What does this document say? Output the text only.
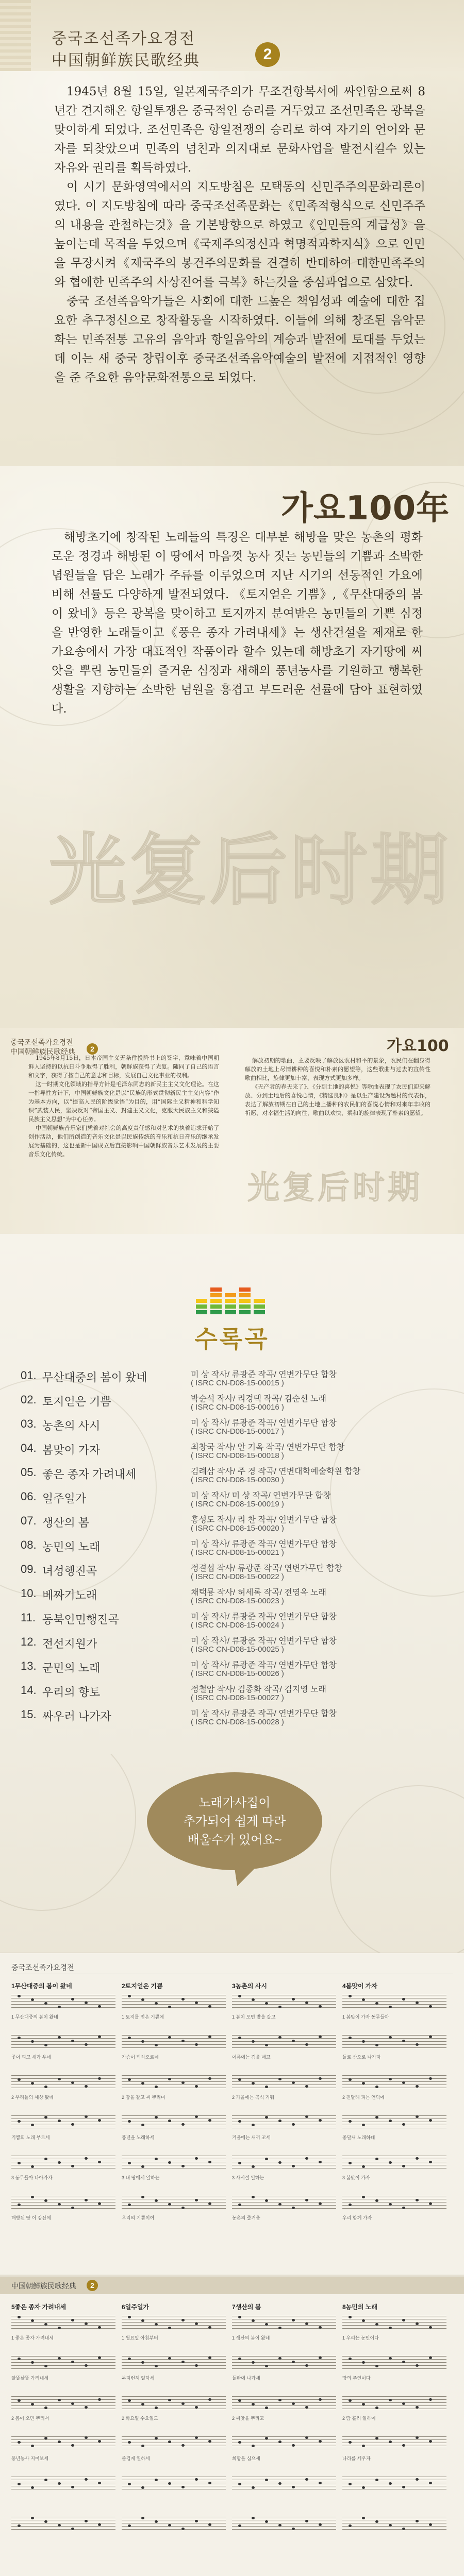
중국조선족가요경전
中国朝鲜族民歌经典	2

1945년 8월 15일, 일본제국주의가 무조건항복서에 싸인함으로써 8년간 견지해온 항일투쟁은 중국적인 승리를 거두었고 조선민족은 광복을 맞이하게 되었다. 조선민족은 항일전쟁의 승리로 하여 자기의 언어와 문자를 되찾았으며 민족의 넘친과 의지대로 문화사업을 발전시킬수 있는 자유와 권리를 획득하였다.

이 시기 문화영역에서의 지도방침은 모택동의 신민주주의문화리론이였다. 이 지도방침에 따라 중국조선족문화는《민족적형식으로 신민주주의 내용을 관철하는것》을 기본방향으로 하였고《인민들의 계급성》을 높이는데 목적을 두었으며《국제주의정신과 혁명적과학지식》으로 인민을 무장시켜《제국주의 봉건주의문화를 견결히 반대하여 대한민족주의와 협애한 민족주의 사상전어를 극복》하는것을 중심과업으로 삼았다.

중국 조선족음악가들은 사회에 대한 드높은 책임성과 예술에 대한 집요한 추구정신으로 창작활동을 시작하였다. 이들에 의해 창조된 음악문화는 민족전통 고유의 음악과 항일음악의 계승과 발전에 토대를 두었는데 이는 새 중국 창립이후 중국조선족음악예술의 발전에 지접적인 영향을 준 주요한 음악문화전통으로 되었다.

가요100年

해방초기에 창작된 노래들의 특징은 대부분 해방을 맞은 농촌의 평화로운 정경과 해방된 이 땅에서 마음껏 농사 짓는 농민들의 기쁨과 소박한 념원들을 담은 노래가 주류를 이루었으며 지난 시기의 선동적인 가요에 비해 선률도 다양하게 발전되였다. 《토지얻은 기쁨》,《무산대중의 봄이 왔네》등은 광복을 맞이하고 토지까지 분여받은 농민들의 기쁜 심정을 반영한 노래들이고《풍은 종자 가려내세》는 생산건설을 제재로 한 가요송에서 가장 대표적인 작품이라 할수 있는데 해방초기 자기땅에 씨앗을 뿌린 농민들의 즐거운 심정과 새해의 풍년농사를 기원하고 행복한 생활을 지향하는 소박한 념원을 흥겹고 부드러운 선률에 담아 표현하였다.

光复后时期
중국조선족가요경전
中国朝鲜族民歌经典	2

1945年8月15日，日本帝国主义无条件投降书上的签字，意味着中国朝鲜人坚持的以抗日斗争取得了胜利，朝鲜族获得了光复。随同了自己的语言和文字，获得了按自己的意志和目标，发展自己文化事业的权利。

这一时期文化领域的指导方针是毛泽东同志的新民主主义文化理论。在这一指导性方针下，中国朝鲜族文化是以“民族的形式贯彻新民主主义内容”作为基本方向，以“提高人民的阶级觉悟”为目的，用“国际主义精神和科学知识”武装人民，坚决反对“帝国主义、封建主义文化，克服大民族主义和狭隘民族主义思想”为中心任务。

中国朝鲜族音乐家们凭着对社会的高度责任感和对艺术的执着追求开始了创作活动，他们所创造的音乐文化是以民族传统的音乐和抗日音乐的继承发展为基础的，这也是新中国成立后直接影响中国朝鲜族音乐艺术发展的主要音乐文化传统。

가요100

解放初期的歌曲，主要反映了解放区农村和平的景象，农民们在翻身得解放的土地上尽情耕种的喜悦和朴素的愿望等，这些歌曲与过去的宣传性歌曲相比，旋律更加丰富、表现方式更加多样。

《无产者的春天来了》、《分到土地的喜悦》等歌曲表现了农民们迎来解放、分到土地后的喜悦心情，《精选良种》是以生产建设为题材的代表作，表达了解放初期在自己的土地上播种的农民们的喜悦心情和对来年丰收的祈愿、对幸福生活的向往，歌曲以欢快、柔和的旋律表现了朴素的愿望。

光复后时期
수록곡
01. 무산대중의 봄이 왔네	미 상 작사/ 류광준 작곡/ 연변가무단 합창
( ISRC CN-D08-15-00015 )
02. 토지얻은 기쁨	박순석 작사/ 리경택 작곡/ 김순선 노래
( ISRC CN-D08-15-00016 )
03. 농촌의 사시	미 상 작사/ 류광준 작곡/ 연변가무단 합창
( ISRC CN-D08-15-00017 )
04. 봄맞이 가자	최창국 작사/ 안 기옥 작곡/ 연변가무단 합창
( ISRC CN-D08-15-00018 )
05. 좋은 종자 가려내세	김례삼 작사/ 주 경 작곡/ 연변대학예술학원 합창
( ISRC CN-D08-15-00030 )
06. 일주일가	미 상 작사/ 미 상 작곡/ 연변가무단 합창
( ISRC CN-D08-15-00019 )
07. 생산의 봄	홍성도 작사/ 리 찬 작곡/ 연변가무단 합창
( ISRC CN-D08-15-00020 )
08. 농민의 노래	미 상 작사/ 류광준 작곡/ 연변가무단 합창
( ISRC CN-D08-15-00021 )
09. 녀성행진곡	정결섭 작사/ 류광준 작곡/ 연변가무단 합창
( ISRC CN-D08-15-00022 )
10. 베짜기노래	채택룡 작사/ 허세록 작곡/ 전영옥 노래
( ISRC CN-D08-15-00023 )
11. 동북인민행진곡	미 상 작사/ 류광준 작곡/ 연변가무단 합창
( ISRC CN-D08-15-00024 )
12. 전선지원가	미 상 작사/ 류광준 작곡/ 연변가무단 합창
( ISRC CN-D08-15-00025 )
13. 군민의 노래	미 상 작사/ 류광준 작곡/ 연변가무단 합창
( ISRC CN-D08-15-00026 )
14. 우리의 향토	정철암 작사/ 김종화 작곡/ 김지영 노래
( ISRC CN-D08-15-00027 )
15. 싸우러 나가자	미 상 작사/ 류광준 작곡/ 연변가무단 합창
( ISRC CN-D08-15-00028 )
노래가사집이
추가되어 쉽게 따라
배울수가 있어요~
중국조선족가요경전
1무산대중의 봄이 왔네
1 무산대중의 봄이 왔네
꽃이 피고 새가 우네
2 우리들의 세상 왔네
기쁨의 노래 부르세
3 동무들아 나아가자
해방된 땅 이 강산에
2토지얻은 기쁨
1 토지를 얻은 기쁨에
가슴이 벅차오르네
2 땅을 갈고 씨 뿌리며
풍년을 노래하세
3 내 땅에서 일하는
우리의 기쁨이여
3농촌의 사시
1 봄이 오면 밭을 갈고
여름에는 김을 매고
2 가을에는 곡식 거둬
겨울에는 새끼 꼬세
3 사시절 일하는
농촌의 즐거움
4봄맞이 가자
1 봄맞이 가자 동무들아
들로 산으로 나가자
2 진달래 피는 언덕에
종달새 노래하네
3 봄맞이 가자
우리 함께 가자
中国朝鲜族民歌经典	2
5좋은 종자 가려내세
1 좋은 종자 가려내세
알뜰살뜰 가려내세
2 봄이 오면 뿌려서
풍년농사 지어보세
6일주일가
1 월요일 아침부터
부지런히 일하세
2 화요일 수요일도
즐겁게 일하세
7생산의 봄
1 생산의 봄이 왔네
들판에 나가세
2 씨앗을 뿌리고
희망을 심으세
8농민의 노래
1 우리는 농민이다
땅의 주인이다
2 땀 흘려 일하여
나라를 세우자
